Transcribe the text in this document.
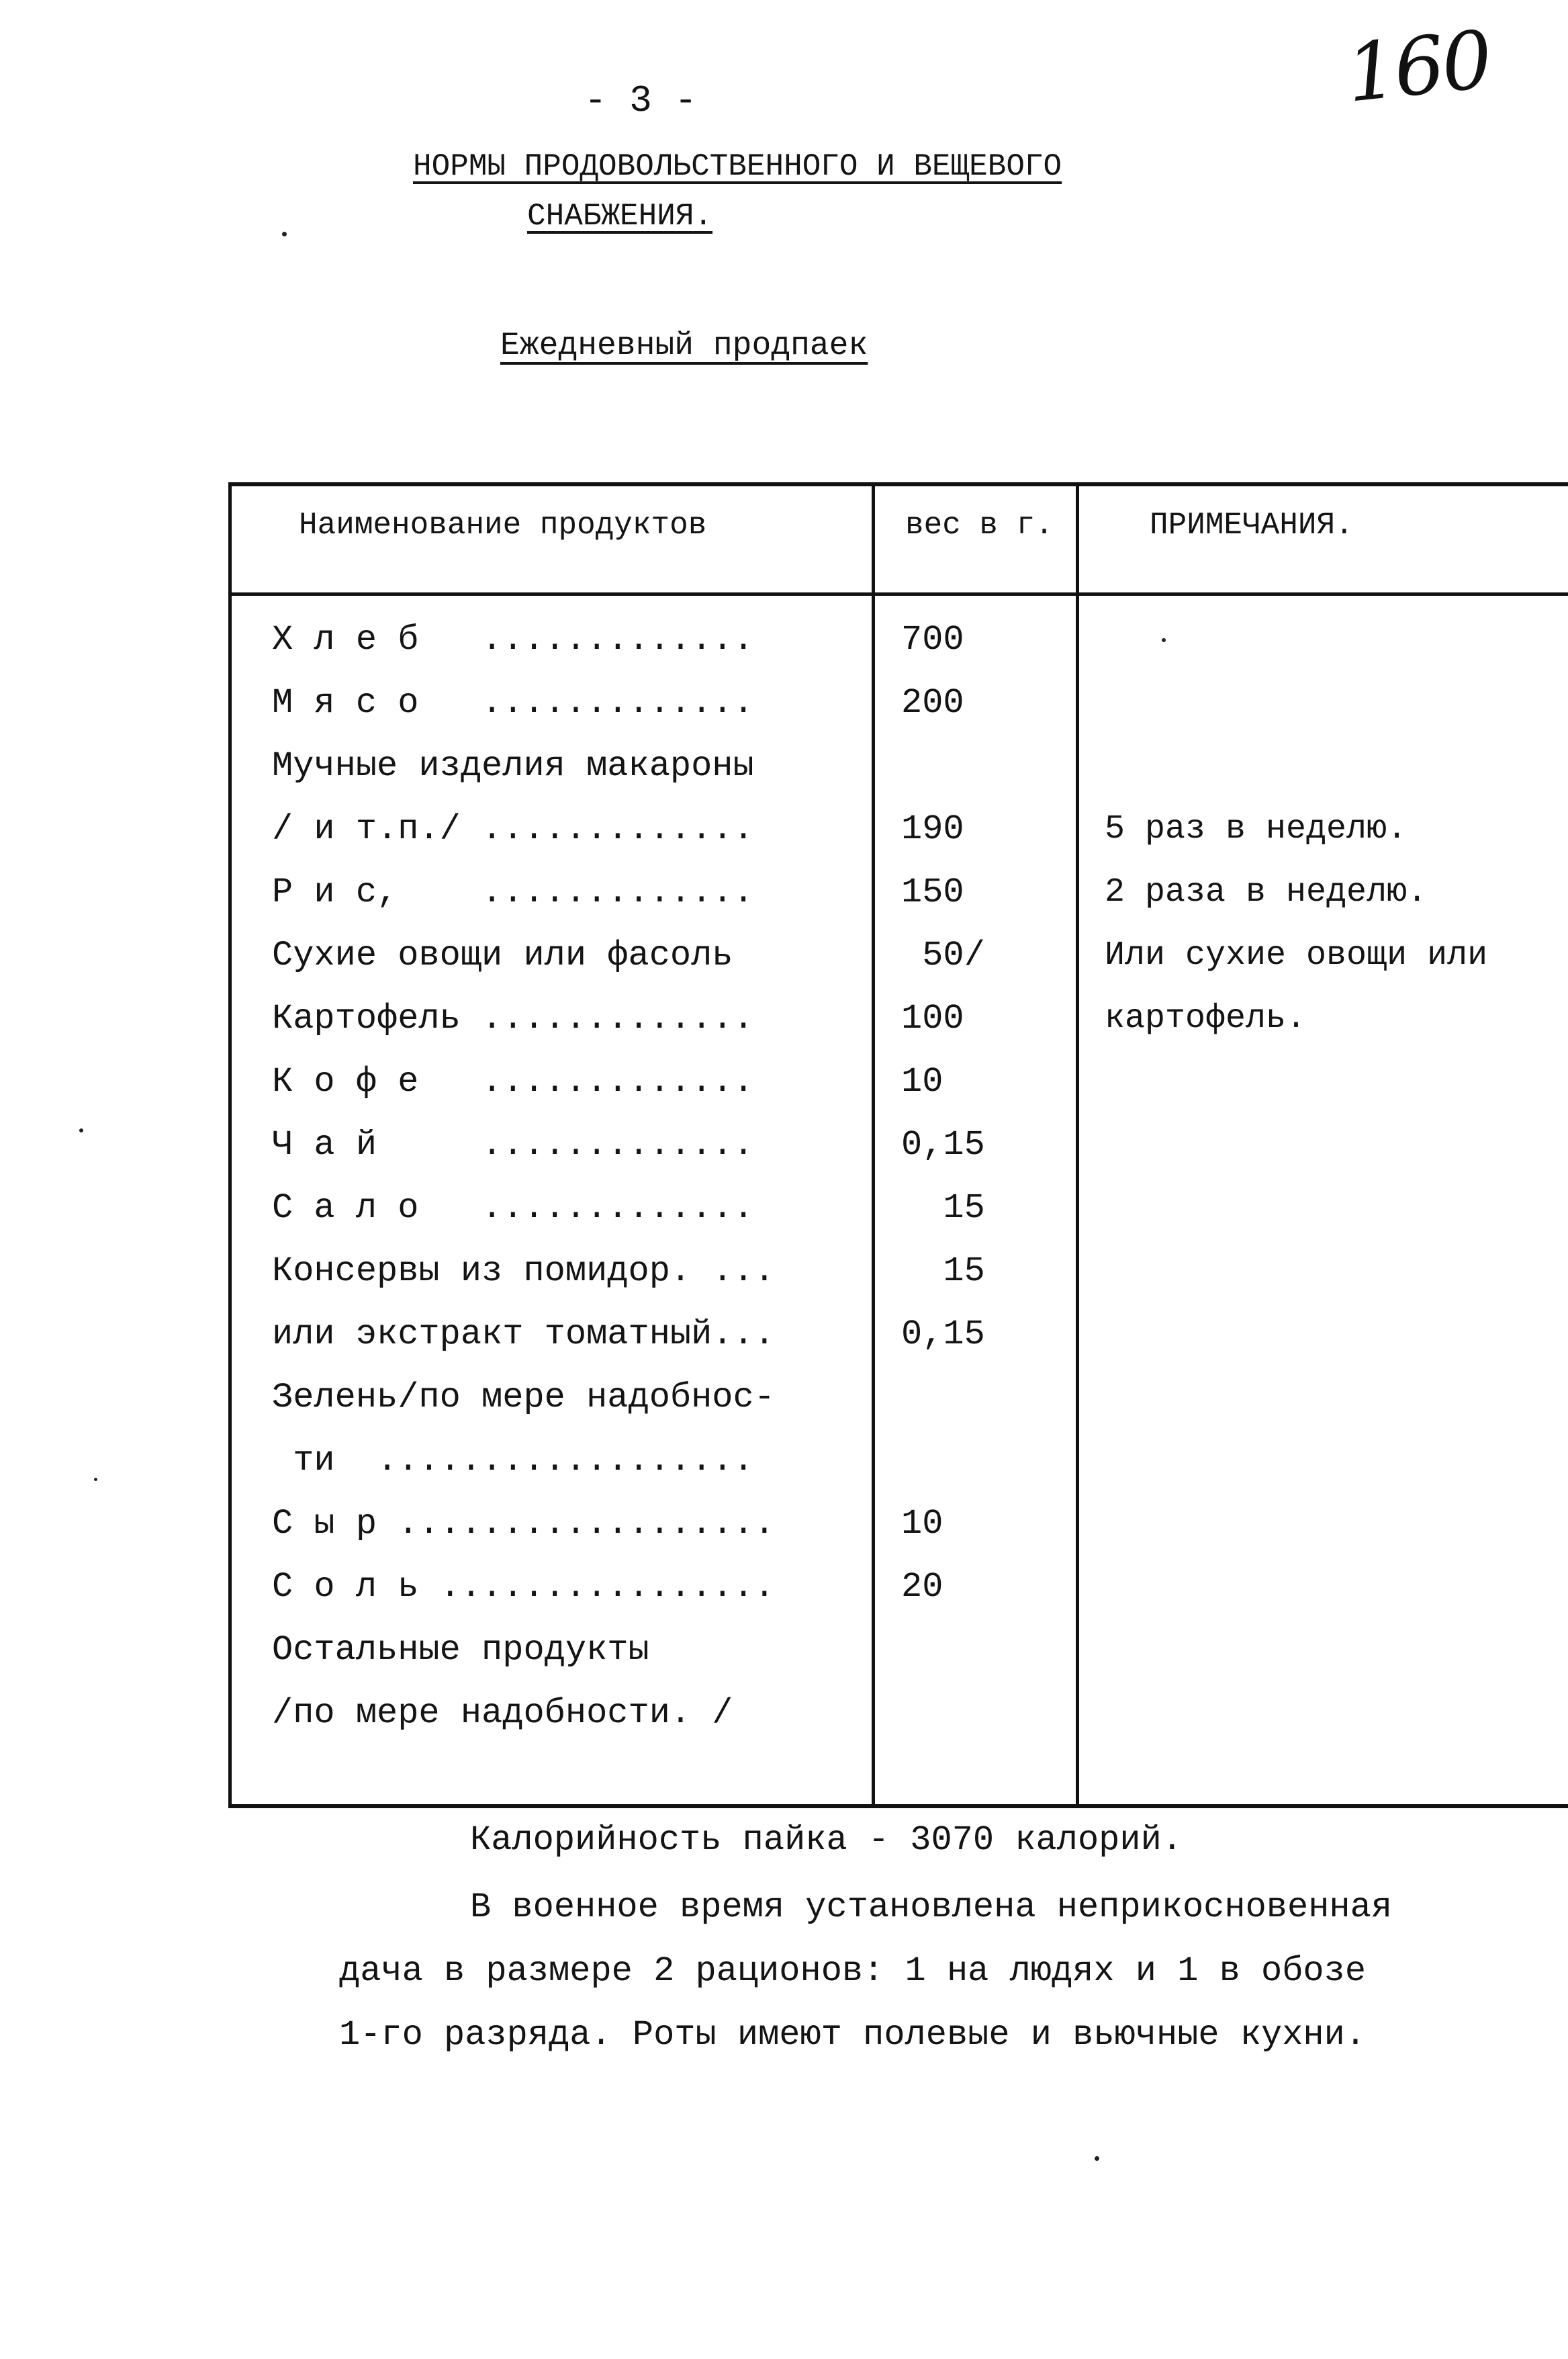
160
- 3 -
НОРМЫ ПРОДОВОЛЬСТВЕННОГО И ВЕЩЕВОГО
СНАБЖЕНИЯ.
Ежедневный продпаек
Наименование продуктов	вес в г.	ПРИМЕЧАНИЯ.
Х л е б   .............	700
М я с о   .............	200
Мучные изделия макароны
/ и т.п./ .............	190	5 раз в неделю.
Р и с,    .............	150	2 раза в неделю.
Сухие овощи или фасоль	50/	Или сухие овощи или
Картофель .............	100	картофель.
К о ф е   .............	10
Ч а й     .............	0,15
С а л о   .............	15
Консервы из помидор. ...	15
или экстракт томатный...	0,15
Зелень/по мере надобнос-
ти  ..................
С ы р ..................	10
С о л ь ................	20
Остальные продукты
/по мере надобности. /
Калорийность пайка - 3070 калорий.
В военное время установлена неприкосновенная
дача в размере 2 рационов: 1 на людях и 1 в обозе
1-го разряда. Роты имеют полевые и вьючные кухни.
